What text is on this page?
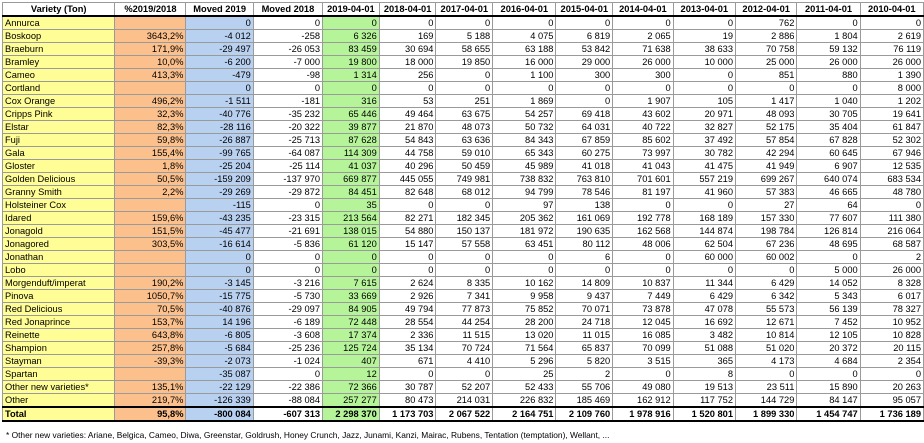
Variety (Ton)	%2019/2018	Moved 2019	Moved 2018	2019-04-01	2018-04-01	2017-04-01	2016-04-01	2015-04-01	2014-04-01	2013-04-01	2012-04-01	2011-04-01	2010-04-01
Annurca		0	0	0	0	0	0	0	0	0	762	0	0
Boskoop	3643,2%	-4 012	-258	6 326	169	5 188	4 075	6 819	2 065	19	2 886	1 804	2 619
Braeburn	171,9%	-29 497	-26 053	83 459	30 694	58 655	63 188	53 842	71 638	38 633	70 758	59 132	76 119
Bramley	10,0%	-6 200	-7 000	19 800	18 000	19 850	16 000	29 000	26 000	10 000	25 000	26 000	26 000
Cameo	413,3%	-479	-98	1 314	256	0	1 100	300	300	0	851	880	1 390
Cortland		0	0	0	0	0	0	0	0	0	0	0	8 000
Cox Orange	496,2%	-1 511	-181	316	53	251	1 869	0	1 907	105	1 417	1 040	1 202
Cripps Pink	32,3%	-40 776	-35 232	65 446	49 464	63 675	54 257	69 418	43 602	20 971	48 093	30 705	19 641
Elstar	82,3%	-28 116	-20 322	39 877	21 870	48 073	50 732	64 031	40 722	32 827	52 175	35 404	61 847
Fuji	59,8%	-26 887	-25 713	87 628	54 843	63 636	84 343	67 859	85 602	37 492	57 854	67 828	52 302
Gala	155,4%	-99 765	-64 087	114 309	44 758	59 010	65 343	60 275	73 997	30 782	42 294	60 645	67 946
Gloster	1,8%	-25 204	-25 114	41 037	40 296	50 459	45 989	41 018	41 043	41 475	41 949	6 907	12 535
Golden Delicious	50,5%	-159 209	-137 970	669 877	445 055	749 981	738 832	763 810	701 601	557 219	699 267	640 074	683 534
Granny Smith	2,2%	-29 269	-29 872	84 451	82 648	68 012	94 799	78 546	81 197	41 960	57 383	46 665	48 780
Holsteiner Cox		-115	0	35	0	0	97	138	0	0	27	64	0
Idared	159,6%	-43 235	-23 315	213 564	82 271	182 345	205 362	161 069	192 778	168 189	157 330	77 607	111 380
Jonagold	151,5%	-45 477	-21 691	138 015	54 880	150 137	181 972	190 635	162 568	144 874	198 784	126 814	216 064
Jonagored	303,5%	-16 614	-5 836	61 120	15 147	57 558	63 451	80 112	48 006	62 504	67 236	48 695	68 587
Jonathan		0	0	0	0	0	0	6	0	60 000	60 002	0	2
Lobo		0	0	0	0	0	0	0	0	0	0	5 000	26 000
Morgenduft/imperat	190,2%	-3 145	-3 216	7 615	2 624	8 335	10 162	14 809	10 837	11 344	6 429	14 052	8 328
Pinova	1050,7%	-15 775	-5 730	33 669	2 926	7 341	9 958	9 437	7 449	6 429	6 342	5 343	6 017
Red Delicious	70,5%	-40 876	-29 097	84 905	49 794	77 873	75 852	70 071	73 878	47 078	55 573	56 139	78 327
Red Jonaprince	153,7%	14 196	-6 189	72 448	28 554	44 254	28 200	24 718	12 045	16 692	12 671	7 452	10 952
Reinette	643,8%	-6 805	-3 608	17 374	2 336	11 515	13 020	11 015	16 085	3 482	10 814	12 105	10 828
Shampion	257,8%	-5 684	-25 236	125 724	35 134	70 724	71 564	65 837	70 099	51 088	51 020	20 372	20 115
Stayman	-39,3%	-2 073	-1 024	407	671	4 410	5 296	5 820	3 515	365	4 173	4 684	2 354
Spartan		-35 087	0	12	0	0	25	2	0	8	0	0	0
Other new varieties*	135,1%	-22 129	-22 386	72 366	30 787	52 207	52 433	55 706	49 080	19 513	23 511	15 890	20 263
Other	219,7%	-126 339	-88 084	257 277	80 473	214 031	226 832	185 469	162 912	117 752	144 729	84 147	95 057
Total	95,8%	-800 084	-607 313	2 298 370	1 173 703	2 067 522	2 164 751	2 109 760	1 978 916	1 520 801	1 899 330	1 454 747	1 736 189
* Other new varieties: Ariane, Belgica, Cameo, Diwa, Greenstar, Goldrush, Honey Crunch, Jazz, Junami, Kanzi, Mairac, Rubens, Tentation (temptation), Wellant, ...
